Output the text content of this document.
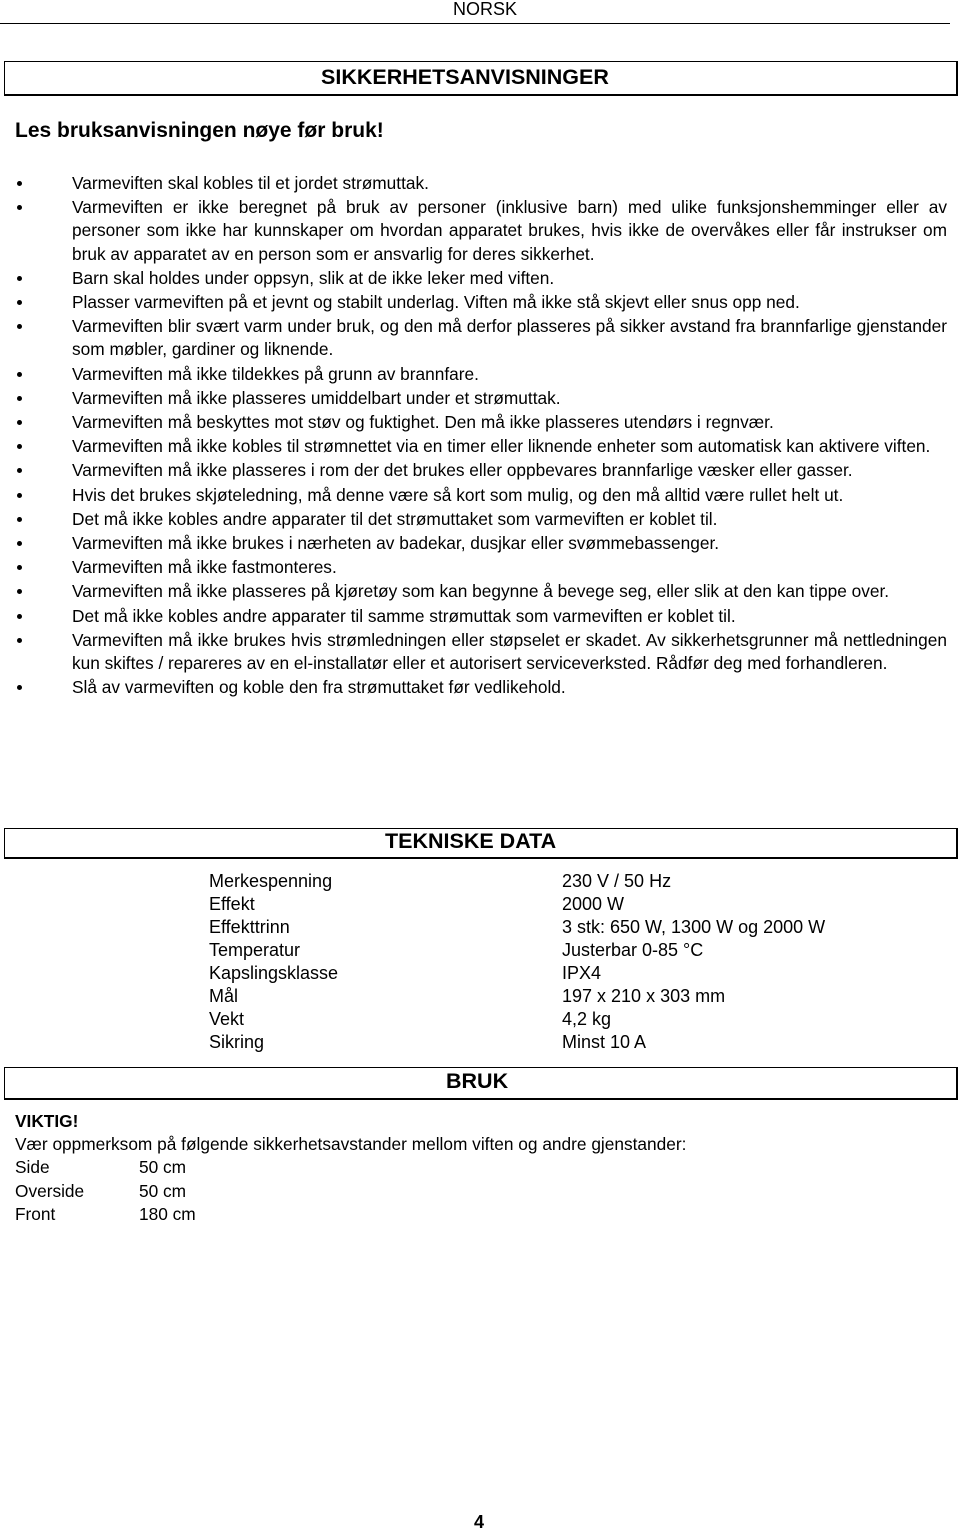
NORSK
SIKKERHETSANVISNINGER
Les bruksanvisningen nøye før bruk!
Varmeviften skal kobles til et jordet strømuttak.
Varmeviften er ikke beregnet på bruk av personer (inklusive barn) med ulike funksjonshemminger eller av personer som ikke har kunnskaper om hvordan apparatet brukes, hvis ikke de overvåkes eller får instrukser om bruk av apparatet av en person som er ansvarlig for deres sikkerhet.
Barn skal holdes under oppsyn, slik at de ikke leker med viften.
Plasser varmeviften på et jevnt og stabilt underlag. Viften må ikke stå skjevt eller snus opp ned.
Varmeviften blir svært varm under bruk, og den må derfor plasseres på sikker avstand fra brannfarlige gjenstander som møbler, gardiner og liknende.
Varmeviften må ikke tildekkes på grunn av brannfare.
Varmeviften må ikke plasseres umiddelbart under et strømuttak.
Varmeviften må beskyttes mot støv og fuktighet. Den må ikke plasseres utendørs i regnvær.
Varmeviften må ikke kobles til strømnettet via en timer eller liknende enheter som automatisk kan aktivere viften.
Varmeviften må ikke plasseres i rom der det brukes eller oppbevares brannfarlige væsker eller gasser.
Hvis det brukes skjøteledning, må denne være så kort som mulig, og den må alltid være rullet helt ut.
Det må ikke kobles andre apparater til det strømuttaket som varmeviften er koblet til.
Varmeviften må ikke brukes i nærheten av badekar, dusjkar eller svømmebassenger.
Varmeviften må ikke fastmonteres.
Varmeviften må ikke plasseres på kjøretøy som kan begynne å bevege seg, eller slik at den kan tippe over.
Det må ikke kobles andre apparater til samme strømuttak som varmeviften er koblet til.
Varmeviften må ikke brukes hvis strømledningen eller støpselet er skadet. Av sikkerhetsgrunner må nettledningen kun skiftes / repareres av en el-installatør eller et autorisert serviceverksted. Rådfør deg med forhandleren.
Slå av varmeviften og koble den fra strømuttaket før vedlikehold.
TEKNISKE DATA
Merkespenning	230 V / 50 Hz
Effekt	2000 W
Effekttrinn	3 stk: 650 W, 1300 W og 2000 W
Temperatur	Justerbar 0-85 °C
Kapslingsklasse	IPX4
Mål	197 x 210 x 303 mm
Vekt	4,2 kg
Sikring	Minst 10 A
BRUK
VIKTIG!
Vær oppmerksom på følgende sikkerhetsavstander mellom viften og andre gjenstander:
Side	50 cm
Overside	50 cm
Front	180 cm
4
